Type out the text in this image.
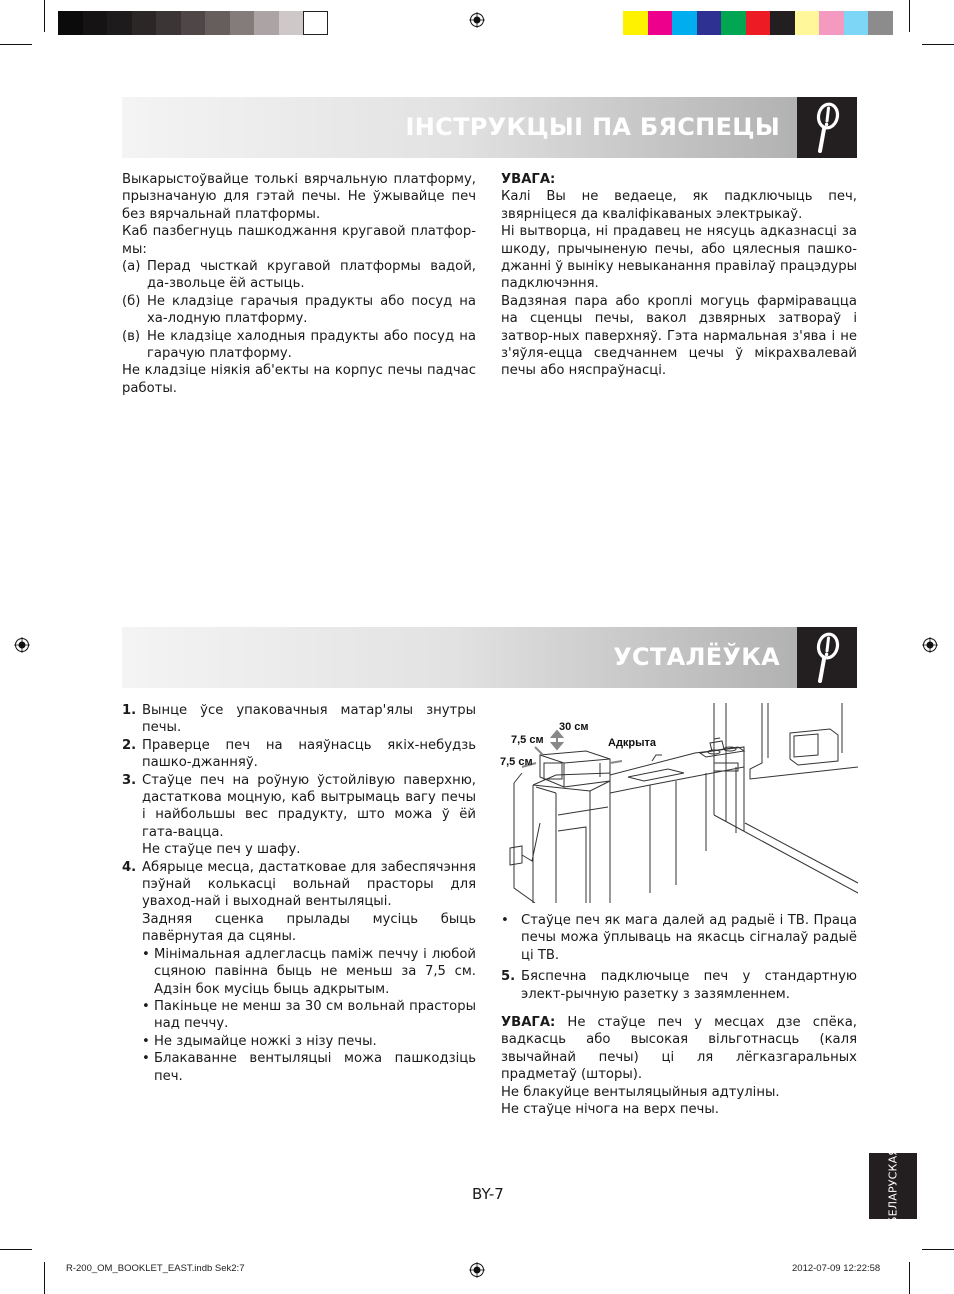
ІНСТРУКЦЫІ ПА БЯСПЕЦЫ

Выкарыстоўвайце толькі вярчальную платформу, прызначаную для гэтай печы. Не ўжывайце печ без вярчальнай платформы.

Каб пазбегнуць пашкоджання кругавой платфор-мы:

(а) Перад чысткай кругавой платформы вадой, да-звольце ёй астыць.
(б) Не кладзіце гарачыя прадукты або посуд на ха-лодную платформу.
(в) Не кладзіце халодныя прадукты або посуд на гарачую платформу.

Не кладзіце ніякія аб'екты на корпус печы падчас работы.

УВАГА:

Калі Вы не ведаеце, як падключыць печ, звярніцеся да кваліфікаваных электрыкаў.

Ні вытворца, ні прадавец не нясуць адказнасці за шкоду, прычыненую печы, або цялесныя пашко-джанні ў выніку невыканання правілаў працэдуры падключэння.

Вадзяная пара або кроплі могуць фарміравацца на сценцы печы, вакол дзвярных затвораў і затвор-ных паверхняў. Гэта нармальная з'ява і не з'яўля-ецца сведчаннем цечы ў мікрахвалевай печы або няспраўнасці.

УСТАЛЁЎКА
1. Вынце ўсе упаковачныя матар'ялы знутры печы.
2. Праверце печ на наяўнасць якіх-небудзь пашко-джанняў.
3. Стаўце печ на роўную ўстойлівую паверхню, дастаткова моцную, каб вытрымаць вагу печы і найбольшы вес прадукту, што можа ў ёй гата-вацца.
Не стаўце печ у шафу.
4. Абярыце месца, дастатковае для забеспячэння пэўнай колькасці вольнай прасторы для уваход-най і выходнай вентыляцыі.
Задняя сценка прылады мусіць быць павёрнутая да сцяны.
• Мінімальная адлегласць паміж печчу і любой сцяною павінна быць не меньш за 7,5 см. Адзін бок мусіць быць адкрытым.
• Пакіньце не менш за 30 см вольнай прасторы над печчу.
• Не здымайце ножкі з нізу печы.
• Блакаванне вентыляцыі можа пашкодзіць печ.
30 см
7,5 см
7,5 см
Адкрыта
• Стаўце печ як мага далей ад радыё і ТВ. Праца печы можа ўплываць на якасць сігналаў радыё ці ТВ.
5. Бяспечна падключыце печ у стандартную элект-рычную разетку з зазямленнем.

УВАГА: Не стаўце печ у месцах дзе спёка, вадкасць або высокая вільготнасць (каля звычайнай печы) ці ля лёгказгаральных прадметаў (шторы).

Не блакуйце вентыляцыйныя адтуліны.

Не стаўце нічога на верх печы.

БЕЛАРУСКАЯ
BY-7
R-200_OM_BOOKLET_EAST.indb Sek2:7	2012-07-09 12:22:58
